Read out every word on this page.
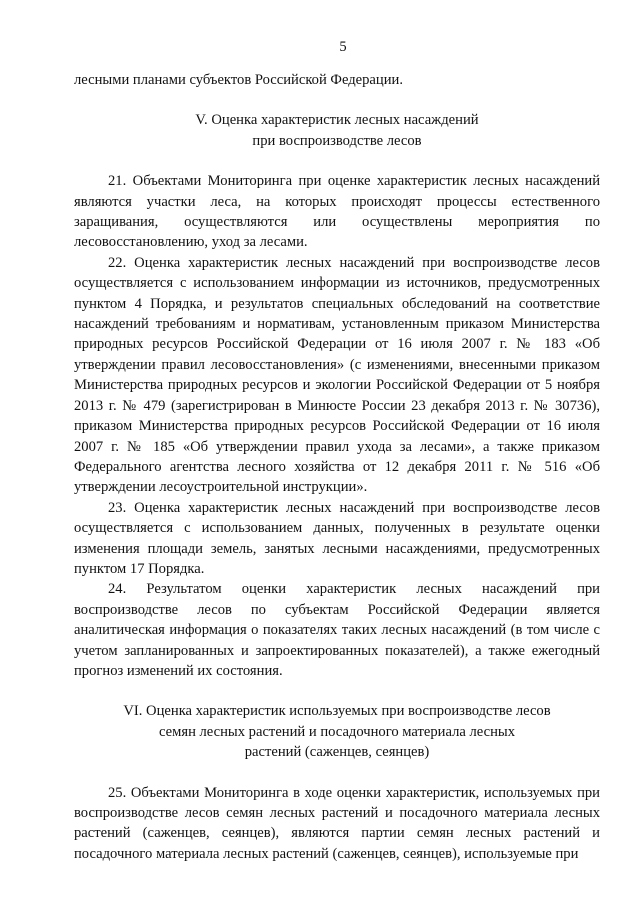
5

лесными планами субъектов Российской Федерации.

V. Оценка характеристик лесных насаждений
при воспроизводстве лесов

21. Объектами Мониторинга при оценке характеристик лесных насаждений являются участки леса, на которых происходят процессы естественного заращивания, осуществляются или осуществлены мероприятия по лесовосстановлению, уход за лесами.

22. Оценка характеристик лесных насаждений при воспроизводстве лесов осуществляется с использованием информации из источников, предусмотренных пунктом 4 Порядка, и результатов специальных обследований на соответствие насаждений требованиям и нормативам, установленным приказом Министерства природных ресурсов Российской Федерации от 16 июля 2007 г. № 183 «Об утверждении правил лесовосстановления» (с изменениями, внесенными приказом Министерства природных ресурсов и экологии Российской Федерации от 5 ноября 2013 г. № 479 (зарегистрирован в Минюсте России 23 декабря 2013 г. № 30736), приказом Министерства природных ресурсов Российской Федерации от 16 июля 2007 г. № 185 «Об утверждении правил ухода за лесами», а также приказом Федерального агентства лесного хозяйства от 12 декабря 2011 г. № 516 «Об утверждении лесоустроительной инструкции».

23. Оценка характеристик лесных насаждений при воспроизводстве лесов осуществляется с использованием данных, полученных в результате оценки изменения площади земель, занятых лесными насаждениями, предусмотренных пунктом 17 Порядка.

24. Результатом оценки характеристик лесных насаждений при воспроизводстве лесов по субъектам Российской Федерации является аналитическая информация о показателях таких лесных насаждений (в том числе с учетом запланированных и запроектированных показателей), а также ежегодный прогноз изменений их состояния.

VI. Оценка характеристик используемых при воспроизводстве лесов
семян лесных растений и посадочного материала лесных
растений (саженцев, сеянцев)

25. Объектами Мониторинга в ходе оценки характеристик, используемых при воспроизводстве лесов семян лесных растений и посадочного материала лесных растений (саженцев, сеянцев), являются партии семян лесных растений и посадочного материала лесных растений (саженцев, сеянцев), используемые при
